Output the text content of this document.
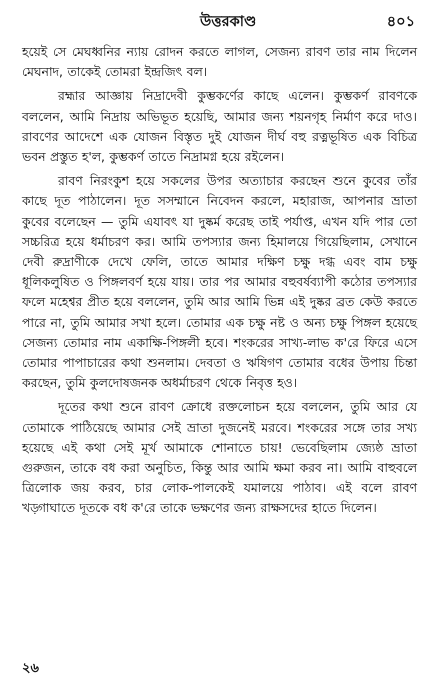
উত্তরকাণ্ড	৪০১

হয়েই সে মেঘধ্বনির ন্যায় রোদন করতে লাগল, সেজন্য রাবণ তার নাম দিলেন মেঘনাদ, তাকেই তোমরা ইন্দ্রজিৎ বল।

রহ্মার আজ্ঞায় নিদ্রাদেবী কুম্ভকর্ণের কাছে এলেন। কুম্ভকর্ণ রাবণকে বললেন, আমি নিদ্রায় অভিভূত হয়েছি, আমার জন্য শয়নগৃহ নির্মাণ করে দাও। রাবণের আদেশে এক যোজন বিস্তৃত দুই যোজন দীর্ঘ বহু রত্নভূষিত এক বিচিত্র ভবন প্রস্তুত হ'ল, কুম্ভকর্ণ তাতে নিদ্রামগ্ন হয়ে রইলেন।

রাবণ নিরংকুশ হয়ে সকলের উপর অত্যাচার করছেন শুনে কুবের তাঁর কাছে দূত পাঠালেন। দূত সসম্মানে নিবেদন করলে, মহারাজ, আপনার ভ্রাতা কুবের বলেছেন — তুমি এযাবৎ যা দুষ্কর্ম করেছ তাই পর্যাপ্ত, এখন যদি পার তো সচ্চরিত্র হয়ে ধর্মাচরণ কর। আমি তপস্যার জন্য হিমালয়ে গিয়েছিলাম, সেখানে দেবী রুদ্রাণীকে দেখে ফেলি, তাতে আমার দক্ষিণ চক্ষু দগ্ধ এবং বাম চক্ষু ধূলিকলুষিত ও পিঙ্গলবর্ণ হয়ে যায়। তার পর আমার বহুবর্ষব্যাপী কঠোর তপস্যার ফলে মহেশ্বর প্রীত হয়ে বললেন, তুমি আর আমি ভিন্ন এই দুষ্কর ব্রত কেউ করতে পারে না, তুমি আমার সখা হলে। তোমার এক চক্ষু নষ্ট ও অন্য চক্ষু পিঙ্গল হয়েছে সেজন্য তোমার নাম একাক্ষি-পিঙ্গলী হবে। শংকরের সাখ্য-লাভ ক'রে ফিরে এসে তোমার পাপাচারের কথা শুনলাম। দেবতা ও ঋষিগণ তোমার বধের উপায় চিন্তা করছেন, তুমি কুলদোষজনক অধর্মাচরণ থেকে নিবৃত্ত হও।

দূতের কথা শুনে রাবণ ক্রোধে রক্তলোচন হয়ে বললেন, তুমি আর যে তোমাকে পাঠিয়েছে আমার সেই ভ্রাতা দুজনেই মরবে। শংকরের সঙ্গে তার সখ্য হয়েছে এই কথা সেই মূর্খ আমাকে শোনাতে চায়! ভেবেছিলাম জ্যেষ্ঠ ভ্রাতা গুরুজন, তাকে বধ করা অনুচিত, কিন্তু আর আমি ক্ষমা করব না। আমি বাহুবলে ত্রিলোক জয় করব, চার লোক-পালকেই যমালয়ে পাঠাব। এই বলে রাবণ খড়্গাঘাতে দূতকে বধ ক'রে তাকে ভক্ষণের জন্য রাক্ষসদের হাতে দিলেন।

২৬
